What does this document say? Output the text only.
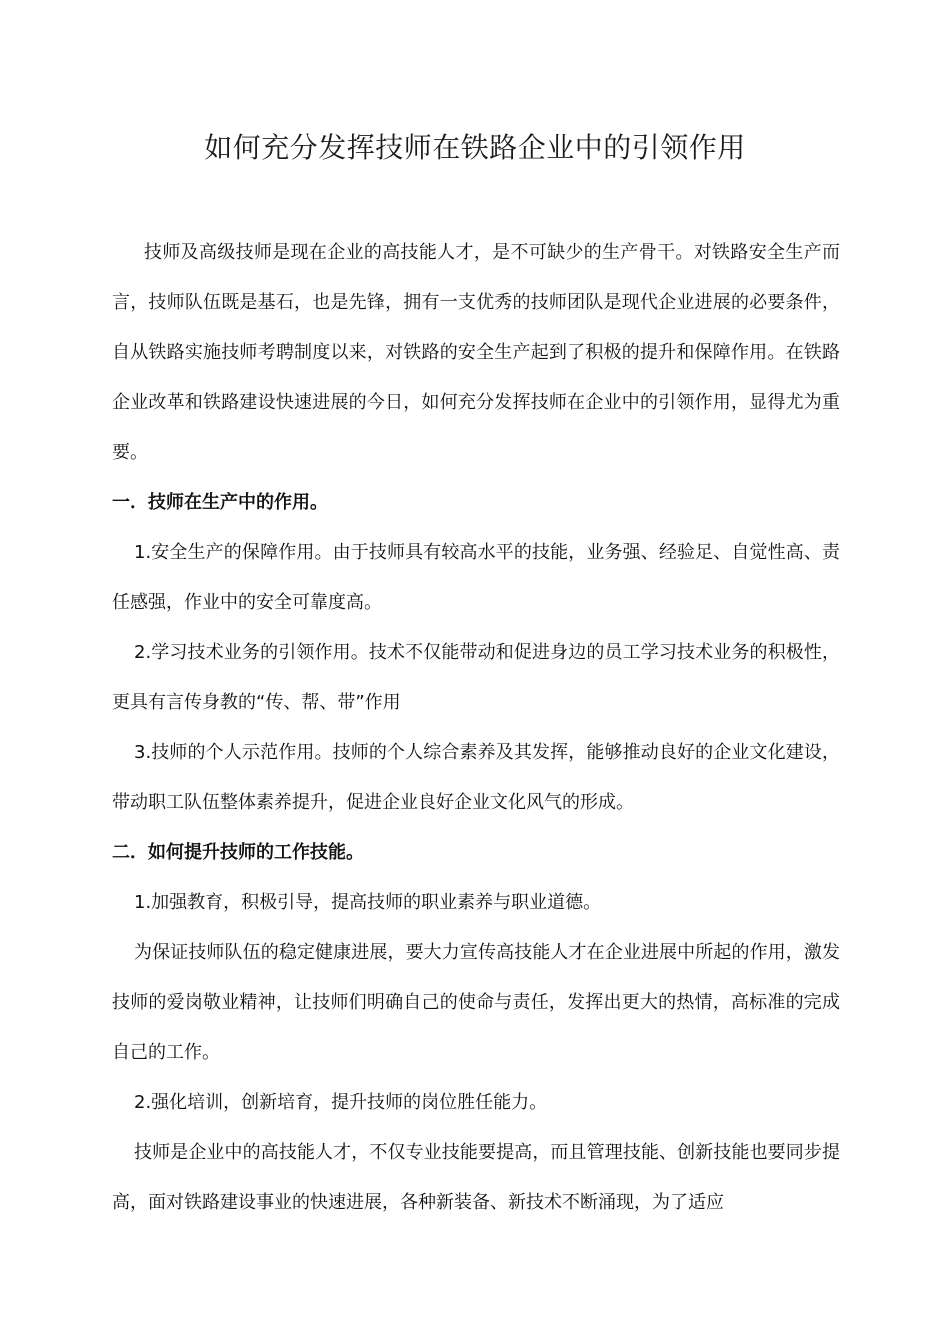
如何充分发挥技师在铁路企业中的引领作用

技师及高级技师是现在企业的高技能人才，是不可缺少的生产骨干。对铁路安全生产而言，技师队伍既是基石，也是先锋，拥有一支优秀的技师团队是现代企业进展的必要条件，自从铁路实施技师考聘制度以来，对铁路的安全生产起到了积极的提升和保障作用。在铁路企业改革和铁路建设快速进展的今日，如何充分发挥技师在企业中的引领作用，显得尤为重要。

一．技师在生产中的作用。

1.安全生产的保障作用。由于技师具有较高水平的技能，业务强、经验足、自觉性高、责任感强，作业中的安全可靠度高。

2.学习技术业务的引领作用。技术不仅能带动和促进身边的员工学习技术业务的积极性，更具有言传身教的“传、帮、带”作用

3.技师的个人示范作用。技师的个人综合素养及其发挥，能够推动良好的企业文化建设，带动职工队伍整体素养提升，促进企业良好企业文化风气的形成。

二．如何提升技师的工作技能。

1.加强教育，积极引导，提高技师的职业素养与职业道德。

为保证技师队伍的稳定健康进展，要大力宣传高技能人才在企业进展中所起的作用，激发技师的爱岗敬业精神，让技师们明确自己的使命与责任，发挥出更大的热情，高标准的完成自己的工作。

2.强化培训，创新培育，提升技师的岗位胜任能力。

技师是企业中的高技能人才，不仅专业技能要提高，而且管理技能、创新技能也要同步提高，面对铁路建设事业的快速进展，各种新装备、新技术不断涌现，为了适应
